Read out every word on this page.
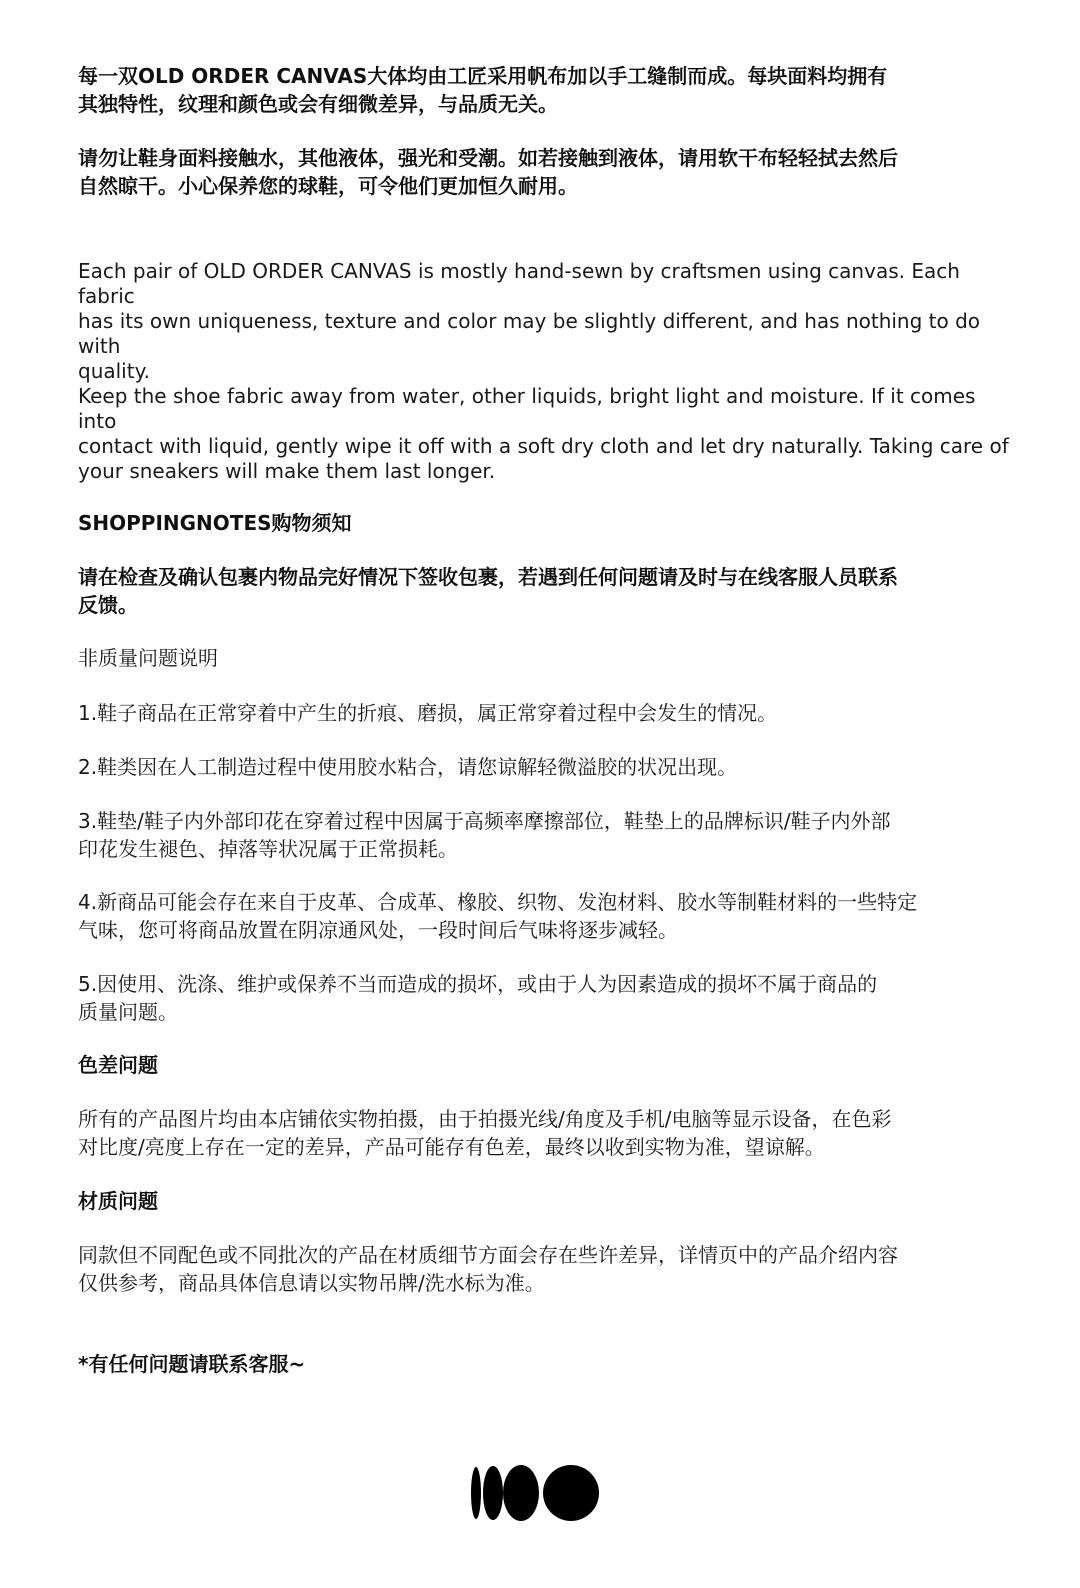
每一双OLD ORDER CANVAS大体均由工匠采用帆布加以手工缝制而成。每块面料均拥有
其独特性，纹理和颜色或会有细微差异，与品质无关。

请勿让鞋身面料接触水，其他液体，强光和受潮。如若接触到液体，请用软干布轻轻拭去然后
自然晾干。小心保养您的球鞋，可令他们更加恒久耐用。

Each pair of OLD ORDER CANVAS is mostly hand-sewn by craftsmen using canvas. Each fabric
has its own uniqueness, texture and color may be slightly different, and has nothing to do with
quality.

Keep the shoe fabric away from water, other liquids, bright light and moisture. If it comes into
contact with liquid, gently wipe it off with a soft dry cloth and let dry naturally. Taking care of
your sneakers will make them last longer.

SHOPPINGNOTES购物须知

请在检查及确认包裹内物品完好情况下签收包裹，若遇到任何问题请及时与在线客服人员联系
反馈。

非质量问题说明

1.鞋子商品在正常穿着中产生的折痕、磨损，属正常穿着过程中会发生的情况。

2.鞋类因在人工制造过程中使用胶水粘合，请您谅解轻微溢胶的状况出现。

3.鞋垫/鞋子内外部印花在穿着过程中因属于高频率摩擦部位，鞋垫上的品牌标识/鞋子内外部
印花发生褪色、掉落等状况属于正常损耗。

4.新商品可能会存在来自于皮革、合成革、橡胶、织物、发泡材料、胶水等制鞋材料的一些特定
气味，您可将商品放置在阴凉通风处，一段时间后气味将逐步减轻。

5.因使用、洗涤、维护或保养不当而造成的损坏，或由于人为因素造成的损坏不属于商品的
质量问题。

色差问题

所有的产品图片均由本店铺依实物拍摄，由于拍摄光线/角度及手机/电脑等显示设备，在色彩
对比度/亮度上存在一定的差异，产品可能存有色差，最终以收到实物为准，望谅解。

材质问题

同款但不同配色或不同批次的产品在材质细节方面会存在些许差异，详情页中的产品介绍内容
仅供参考，商品具体信息请以实物吊牌/洗水标为准。

*有任何问题请联系客服~
